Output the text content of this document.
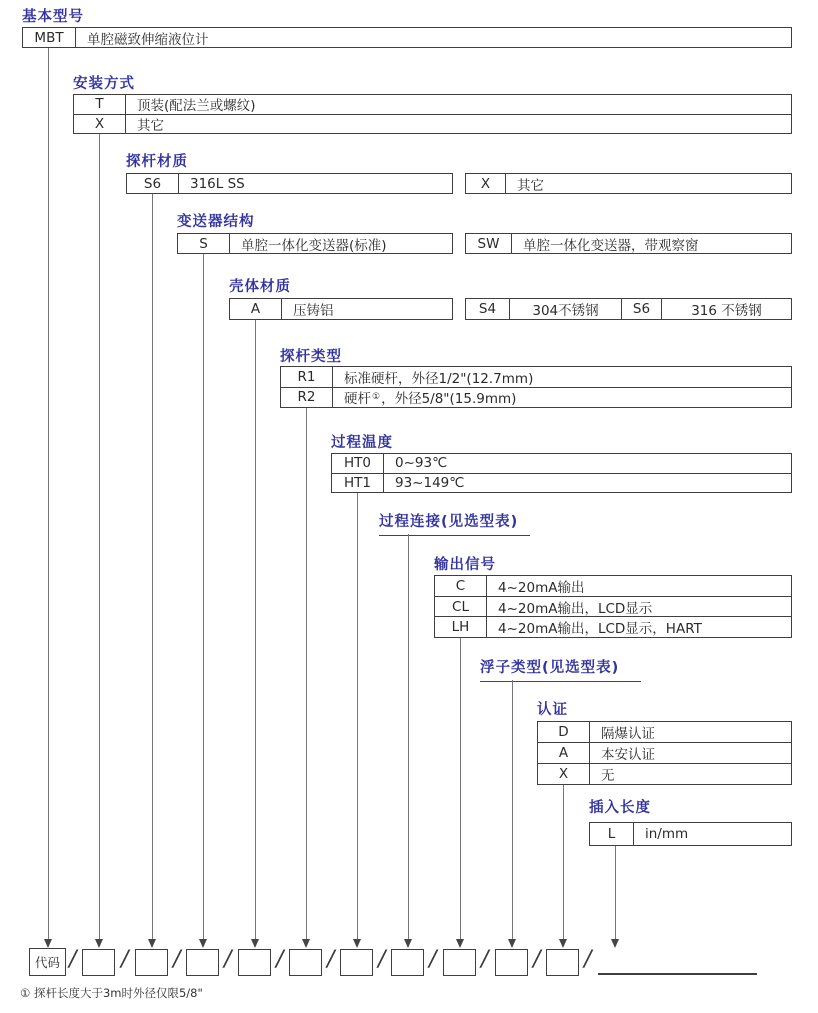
基本型号
MBT	单腔磁致伸缩液位计
安装方式
T	顶装(配法兰或螺纹)
X	其它
探杆材质
S6	316L SS	X	其它
变送器结构
S	单腔一体化变送器(标准)	SW	单腔一体化变送器，带观察窗
壳体材质
A	压铸铝	S4	304不锈钢	S6	316 不锈钢
探杆类型
R1	标准硬杆，外径1/2"(12.7mm)
R2	硬杆 ① ，外径5/8"(15.9mm)
过程温度
HT0	0~93℃
HT1	93~149℃
过程连接(见选型表)
输出信号
C	4~20mA输出
CL	4~20mA输出，LCD显示
LH	4~20mA输出，LCD显示，HART
浮子类型(见选型表)
认证
D	隔爆认证
A	本安认证
X	无
插入长度
L	in/mm
代码 / / / / / / / / / / /
① 探杆长度大于3m时外径仅限5/8"
